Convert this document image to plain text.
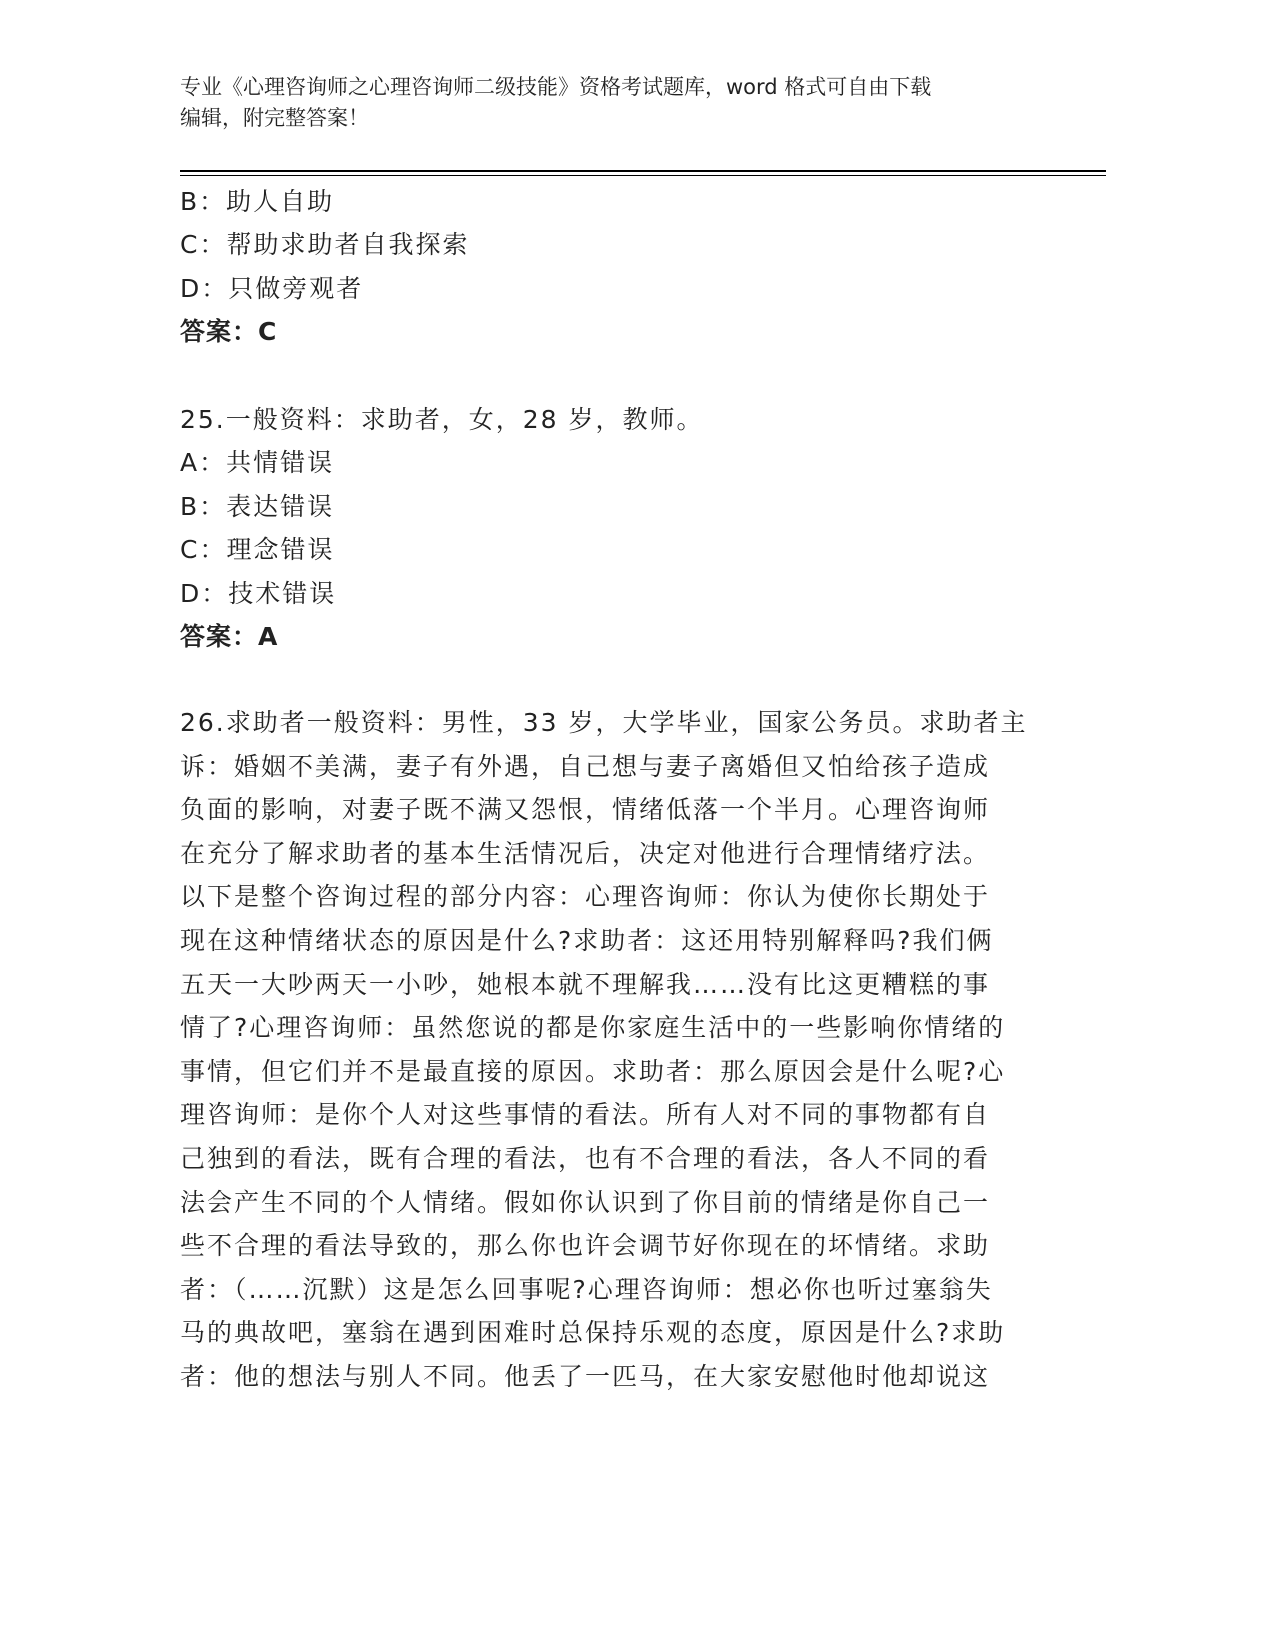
专业《心理咨询师之心理咨询师二级技能》资格考试题库，word 格式可自由下载
编辑，附完整答案！
B：助人自助
C：帮助求助者自我探索
D：只做旁观者
答案：C
25.一般资料：求助者，女，28 岁，教师。
A：共情错误
B：表达错误
C：理念错误
D：技术错误
答案：A
26.求助者一般资料：男性，33 岁，大学毕业，国家公务员。求助者主
诉：婚姻不美满，妻子有外遇，自己想与妻子离婚但又怕给孩子造成
负面的影响，对妻子既不满又怨恨，情绪低落一个半月。心理咨询师
在充分了解求助者的基本生活情况后，决定对他进行合理情绪疗法。
以下是整个咨询过程的部分内容：心理咨询师：你认为使你长期处于
现在这种情绪状态的原因是什么?求助者：这还用特别解释吗?我们俩
五天一大吵两天一小吵，她根本就不理解我……没有比这更糟糕的事
情了?心理咨询师：虽然您说的都是你家庭生活中的一些影响你情绪的
事情，但它们并不是最直接的原因。求助者：那么原因会是什么呢?心
理咨询师：是你个人对这些事情的看法。所有人对不同的事物都有自
己独到的看法，既有合理的看法，也有不合理的看法，各人不同的看
法会产生不同的个人情绪。假如你认识到了你目前的情绪是你自己一
些不合理的看法导致的，那么你也许会调节好你现在的坏情绪。求助
者：（……沉默）这是怎么回事呢?心理咨询师：想必你也听过塞翁失
马的典故吧，塞翁在遇到困难时总保持乐观的态度，原因是什么?求助
者：他的想法与别人不同。他丢了一匹马，在大家安慰他时他却说这
